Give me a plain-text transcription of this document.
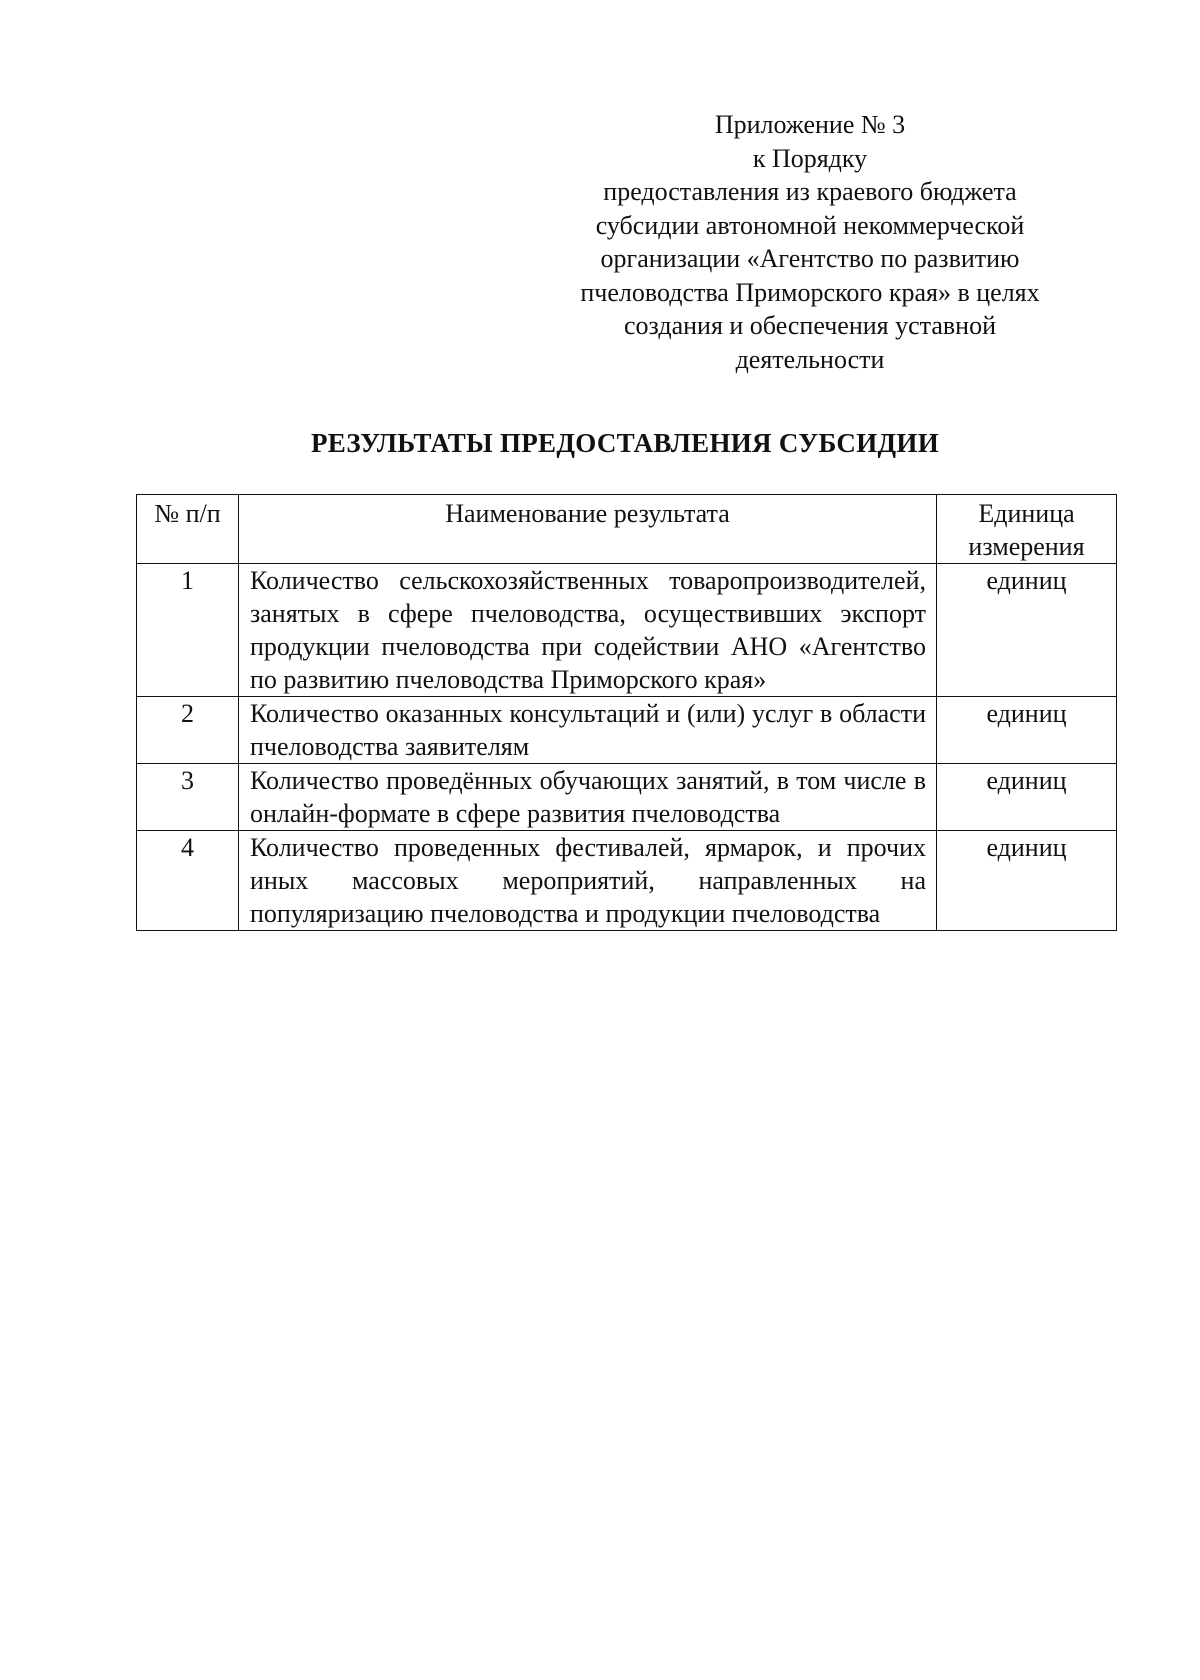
Приложение № 3
к Порядку
предоставления из краевого бюджета
субсидии автономной некоммерческой
организации «Агентство по развитию
пчеловодства Приморского края» в целях
создания и обеспечения уставной
деятельности
РЕЗУЛЬТАТЫ ПРЕДОСТАВЛЕНИЯ СУБСИДИИ
№ п/п	Наименование результата	Единица измерения
1	Количество сельскохозяйственных товаропроизводителей, занятых в сфере пчеловодства, осуществивших экспорт продукции пчеловодства при содействии АНО «Агентство по развитию пчеловодства Приморского края»	единиц
2	Количество оказанных консультаций и (или) услуг в области пчеловодства заявителям	единиц
3	Количество проведённых обучающих занятий, в том числе в онлайн-формате в сфере развития пчеловодства	единиц
4	Количество проведенных фестивалей, ярмарок, и прочих иных массовых мероприятий, направленных на популяризацию пчеловодства и продукции пчеловодства	единиц
